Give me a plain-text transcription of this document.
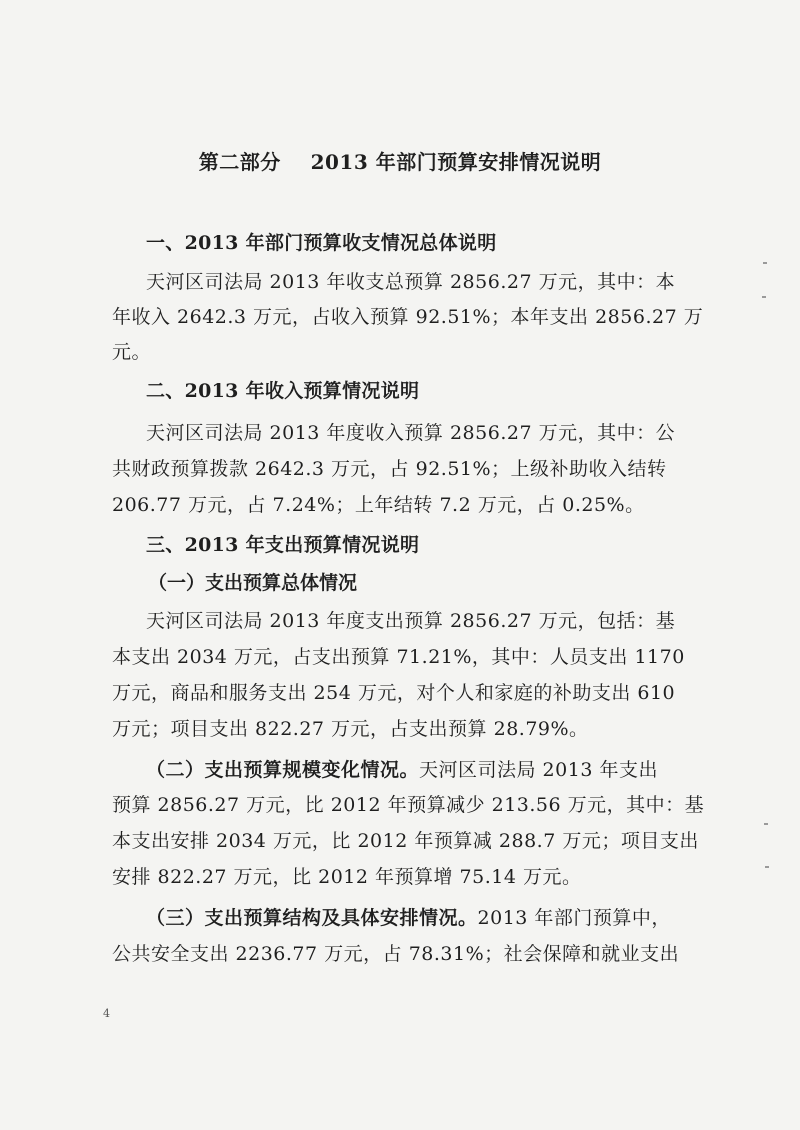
第二部分    2013 年部门预算安排情况说明
一、2013 年部门预算收支情况总体说明
天河区司法局 2013 年收支总预算 2856.27 万元，其中：本
年收入 2642.3 万元，占收入预算 92.51%；本年支出 2856.27 万
元。
二、2013 年收入预算情况说明
天河区司法局 2013 年度收入预算 2856.27 万元，其中：公
共财政预算拨款 2642.3 万元，占 92.51%；上级补助收入结转
206.77 万元，占 7.24%；上年结转 7.2 万元，占 0.25%。
三、2013 年支出预算情况说明
（一）支出预算总体情况
天河区司法局 2013 年度支出预算 2856.27 万元，包括：基
本支出 2034 万元，占支出预算 71.21%，其中：人员支出 1170
万元，商品和服务支出 254 万元，对个人和家庭的补助支出 610
万元；项目支出 822.27 万元，占支出预算 28.79%。
（二）支出预算规模变化情况。天河区司法局 2013 年支出
预算 2856.27 万元，比 2012 年预算减少 213.56 万元，其中：基
本支出安排 2034 万元，比 2012 年预算减 288.7 万元；项目支出
安排 822.27 万元，比 2012 年预算增 75.14 万元。
（三）支出预算结构及具体安排情况。2013 年部门预算中，
公共安全支出 2236.77 万元，占 78.31%；社会保障和就业支出
4
